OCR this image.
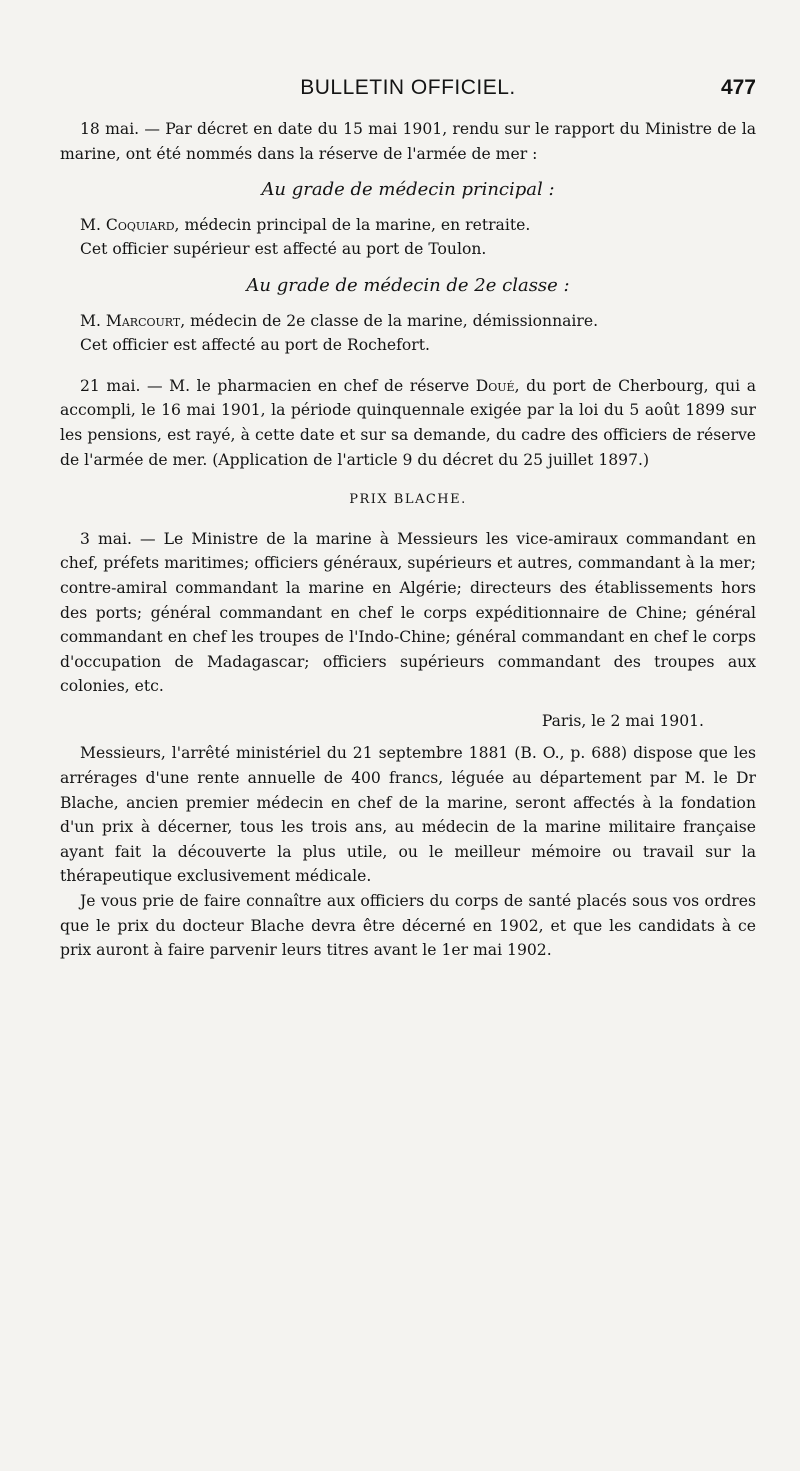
BULLETIN OFFICIEL.	477

18 mai. — Par décret en date du 15 mai 1901, rendu sur le rapport du Ministre de la marine, ont été nommés dans la réserve de l'armée de mer :

Au grade de médecin principal :

M. Coquiard, médecin principal de la marine, en retraite.

Cet officier supérieur est affecté au port de Toulon.

Au grade de médecin de 2e classe :

M. Marcourt, médecin de 2e classe de la marine, démissionnaire.

Cet officier est affecté au port de Rochefort.

21 mai. — M. le pharmacien en chef de réserve Doué, du port de Cherbourg, qui a accompli, le 16 mai 1901, la période quinquennale exigée par la loi du 5 août 1899 sur les pensions, est rayé, à cette date et sur sa demande, du cadre des officiers de réserve de l'armée de mer. (Application de l'article 9 du décret du 25 juillet 1897.)

PRIX BLACHE.

3 mai. — Le Ministre de la marine à Messieurs les vice-amiraux commandant en chef, préfets maritimes; officiers généraux, supérieurs et autres, commandant à la mer; contre-amiral commandant la marine en Algérie; directeurs des établissements hors des ports; général commandant en chef le corps expéditionnaire de Chine; général commandant en chef les troupes de l'Indo-Chine; général commandant en chef le corps d'occupation de Madagascar; officiers supérieurs commandant des troupes aux colonies, etc.

Paris, le 2 mai 1901.

Messieurs, l'arrêté ministériel du 21 septembre 1881 (B. O., p. 688) dispose que les arrérages d'une rente annuelle de 400 francs, léguée au département par M. le Dr Blache, ancien premier médecin en chef de la marine, seront affectés à la fondation d'un prix à décerner, tous les trois ans, au médecin de la marine militaire française ayant fait la découverte la plus utile, ou le meilleur mémoire ou travail sur la thérapeutique exclusivement médicale.

Je vous prie de faire connaître aux officiers du corps de santé placés sous vos ordres que le prix du docteur Blache devra être décerné en 1902, et que les candidats à ce prix auront à faire parvenir leurs titres avant le 1er mai 1902.
